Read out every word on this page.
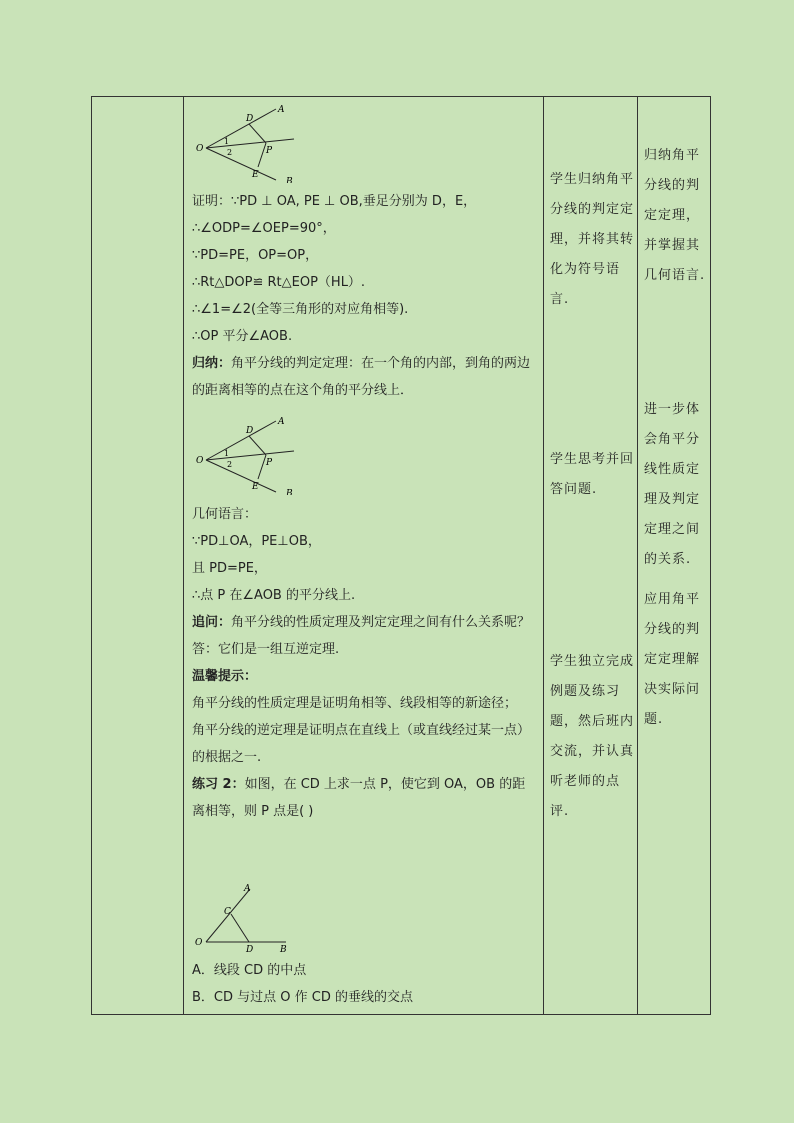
A
D
O
1
2	P
E
B
证明：∵PD ⊥ OA, PE ⊥ OB,垂足分别为 D，E，
∴∠ODP=∠OEP=90°，
∵PD=PE，OP=OP，
∴Rt△DOP≌ Rt△EOP（HL）.
∴∠1=∠2(全等三角形的对应角相等).
∴OP 平分∠AOB.
归纳：角平分线的判定定理：在一个角的内部，到角的两边的距离相等的点在这个角的平分线上．
A
D
O
1
2	P
E
B
几何语言：
∵PD⊥OA，PE⊥OB，
且 PD=PE，
∴点 P 在∠AOB 的平分线上.
追问：角平分线的性质定理及判定定理之间有什么关系呢？
答：它们是一组互逆定理.
温馨提示：
角平分线的性质定理是证明角相等、线段相等的新途径；
角平分线的逆定理是证明点在直线上（或直线经过某一点）的根据之一.
练习 2：如图，在 CD 上求一点 P，使它到 OA，OB 的距离相等，则 P 点是( )
A
C
O
D	B
A．线段 CD 的中点
B．CD 与过点 O 作 CD 的垂线的交点
学生归纳角平分线的判定定理，并将其转化为符号语言.
学生思考并回答问题.
学生独立完成例题及练习题，然后班内交流，并认真听老师的点评.
归纳角平分线的判定定理，并掌握其几何语言.
进一步体会角平分线性质定理及判定定理之间的关系.
应用角平分线的判定定理解决实际问题.
